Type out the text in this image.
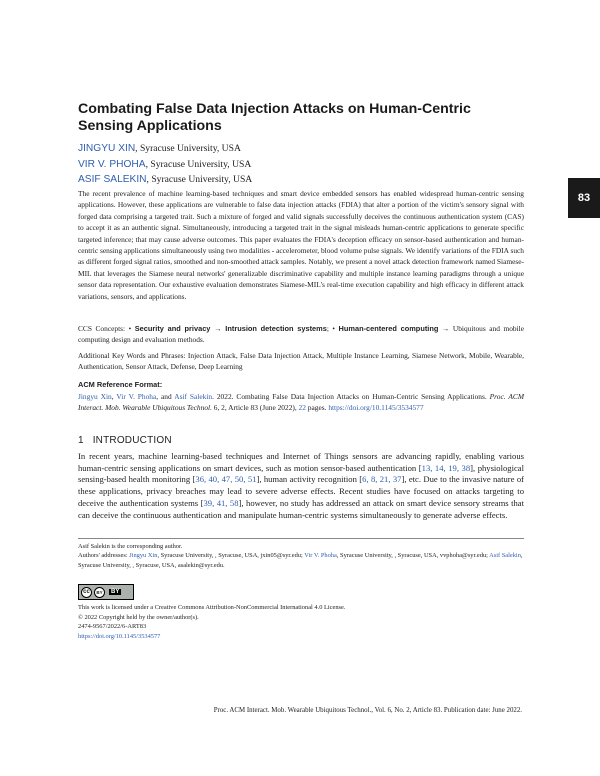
83
Combating False Data Injection Attacks on Human-Centric Sensing Applications
JINGYU XIN, Syracuse University, USA
VIR V. PHOHA, Syracuse University, USA
ASIF SALEKIN, Syracuse University, USA
The recent prevalence of machine learning-based techniques and smart device embedded sensors has enabled widespread human-centric sensing applications. However, these applications are vulnerable to false data injection attacks (FDIA) that alter a portion of the victim's sensory signal with forged data comprising a targeted trait. Such a mixture of forged and valid signals successfully deceives the continuous authentication system (CAS) to accept it as an authentic signal. Simultaneously, introducing a targeted trait in the signal misleads human-centric applications to generate specific targeted inference; that may cause adverse outcomes. This paper evaluates the FDIA's deception efficacy on sensor-based authentication and human-centric sensing applications simultaneously using two modalities - accelerometer, blood volume pulse signals. We identify variations of the FDIA such as different forged signal ratios, smoothed and non-smoothed attack samples. Notably, we present a novel attack detection framework named Siamese-MIL that leverages the Siamese neural networks' generalizable discriminative capability and multiple instance learning paradigms through a unique sensor data representation. Our exhaustive evaluation demonstrates Siamese-MIL's real-time execution capability and high efficacy in different attack variations, sensors, and applications.
CCS Concepts: • Security and privacy → Intrusion detection systems; • Human-centered computing → Ubiquitous and mobile computing design and evaluation methods.
Additional Key Words and Phrases: Injection Attack, False Data Injection Attack, Multiple Instance Learning, Siamese Network, Mobile, Wearable, Authentication, Sensor Attack, Defense, Deep Learning
ACM Reference Format:
Jingyu Xin, Vir V. Phoha, and Asif Salekin. 2022. Combating False Data Injection Attacks on Human-Centric Sensing Applications. Proc. ACM Interact. Mob. Wearable Ubiquitous Technol. 6, 2, Article 83 (June 2022), 22 pages. https://doi.org/10.1145/3534577
1 INTRODUCTION
In recent years, machine learning-based techniques and Internet of Things sensors are advancing rapidly, enabling various human-centric sensing applications on smart devices, such as motion sensor-based authentication [13, 14, 19, 38], physiological sensing-based health monitoring [36, 40, 47, 50, 51], human activity recognition [6, 8, 21, 37], etc. Due to the invasive nature of these applications, privacy breaches may lead to severe adverse effects. Recent studies have focused on attacks targeting to deceive the authentication systems [39, 41, 58], however, no study has addressed an attack on smart device sensory streams that can deceive the continuous authentication and manipulate human-centric systems simultaneously to generate adverse effects.
Asif Salekin is the corresponding author.
Authors' addresses: Jingyu Xin, Syracuse University, , Syracuse, USA, jxin05@syr.edu; Vir V. Phoha, Syracuse University, , Syracuse, USA, vvphoha@syr.edu; Asif Salekin, Syracuse University, , Syracuse, USA, asalekin@syr.edu.
cc	BY	BY
This work is licensed under a Creative Commons Attribution-NonCommercial International 4.0 License.
© 2022 Copyright held by the owner/author(s).
2474-9567/2022/6-ART83
https://doi.org/10.1145/3534577
Proc. ACM Interact. Mob. Wearable Ubiquitous Technol., Vol. 6, No. 2, Article 83. Publication date: June 2022.
